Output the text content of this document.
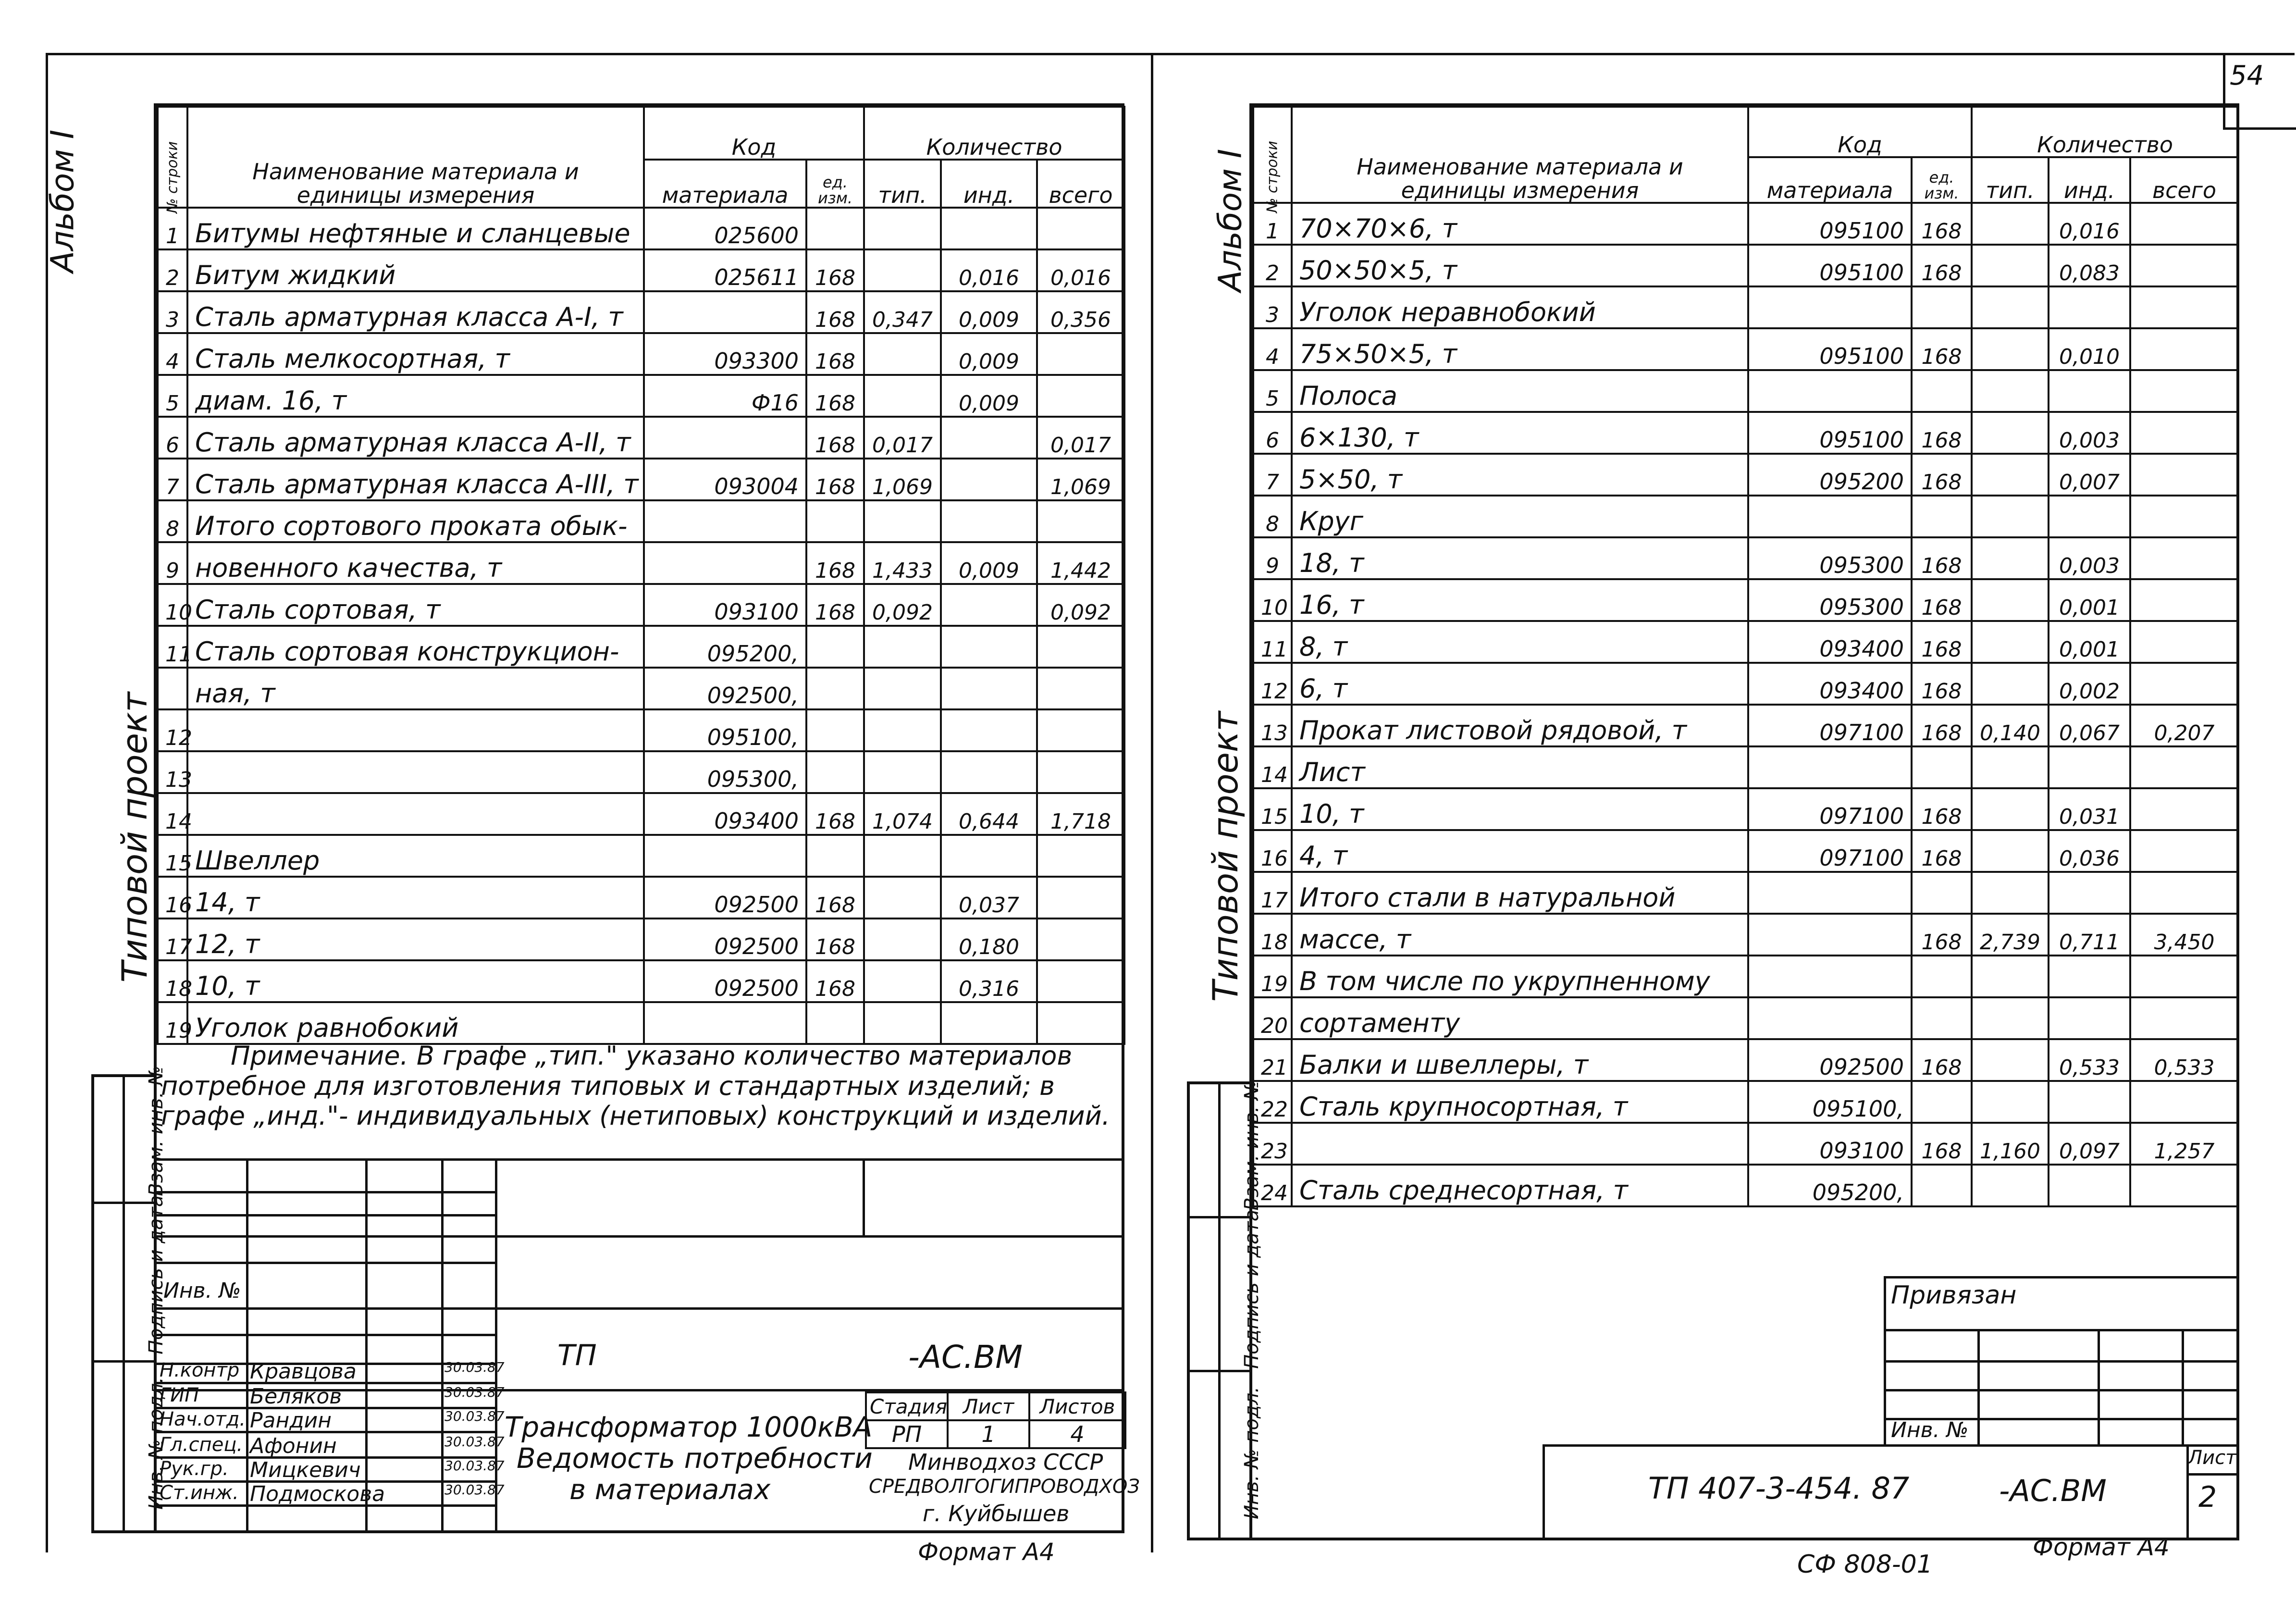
54
Альбом I
Типовой проект
Инв. № подл.
Подпись и дата
Взам. инв. №
№ строки	Наименование материала и единицы измерения	Код		Количество		
		материала	ед. изм.	тип.	инд.	всего
1	Битумы нефтяные и сланцевые	025600				
2	Битум жидкий	025611	168		0,016	0,016
3	Сталь арматурная класса A-I, т		168	0,347	0,009	0,356
4	Сталь мелкосортная, т	093300	168		0,009	
5	диам. 16, т	Ф16	168		0,009	
6	Сталь арматурная класса A-II, т		168	0,017		0,017
7	Сталь арматурная класса A-III, т	093004	168	1,069		1,069
8	Итого сортового проката обык-					
9	новенного качества, т		168	1,433	0,009	1,442
10	Сталь сортовая, т	093100	168	0,092		0,092
11	Сталь сортовая конструкцион-	095200,				
	ная, т	092500,				
12		095100,				
13		095300,				
14		093400	168	1,074	0,644	1,718
15	Швеллер					
16	14, т	092500	168		0,037	
17	12, т	092500	168		0,180	
18	10, т	092500	168		0,316	
19	Уголок равнобокий					
Примечание. В графе „тип." указано количество материалов
потребное для изготовления типовых и стандартных изделий; в
графе „инд."- индивидуальных (нетиповых) конструкций и изделий.
Инв. №
ТП	-АС.ВМ
Н.контр Кравцова	30.03.87
ГИП Беляков	30.03.87
Нач.отд. Рандин	30.03.87
Гл.спец. Афонин	30.03.87
Рук.гр. Мицкевич	30.03.87
Ст.инж. Подмоскова	30.03.87
Трансформатор 1000кВА
Ведомость потребности
в материалах
Стадия	Лист	Листов
РП	1	4
Минводхоз СССР
СРЕДВОЛГОГИПРОВОДХОЗ
г. Куйбышев
Формат А4
Альбом I
Типовой проект
Инв. № подл.
Подпись и дата
Взам. инв. №
№ строки	Наименование материала и единицы измерения	Код		Количество		
		материала	ед. изм.	тип.	инд.	всего
1	70×70×6, т	095100	168		0,016	
2	50×50×5, т	095100	168		0,083	
3	Уголок неравнобокий					
4	75×50×5, т	095100	168		0,010	
5	Полоса					
6	6×130, т	095100	168		0,003	
7	5×50, т	095200	168		0,007	
8	Круг					
9	18, т	095300	168		0,003	
10	16, т	095300	168		0,001	
11	8, т	093400	168		0,001	
12	6, т	093400	168		0,002	
13	Прокат листовой рядовой, т	097100	168	0,140	0,067	0,207
14	Лист					
15	10, т	097100	168		0,031	
16	4, т	097100	168		0,036	
17	Итого стали в натуральной					
18	массе, т		168	2,739	0,711	3,450
19	В том числе по укрупненному					
20	сортаменту					
21	Балки и швеллеры, т	092500	168		0,533	0,533
22	Сталь крупносортная, т	095100,				
23		093100	168	1,160	0,097	1,257
24	Сталь среднесортная, т	095200,				
Привязан
Инв. №
ТП 407-3-454. 87	-АС.ВМ
Лист
2
Формат А4
СФ 808-01
